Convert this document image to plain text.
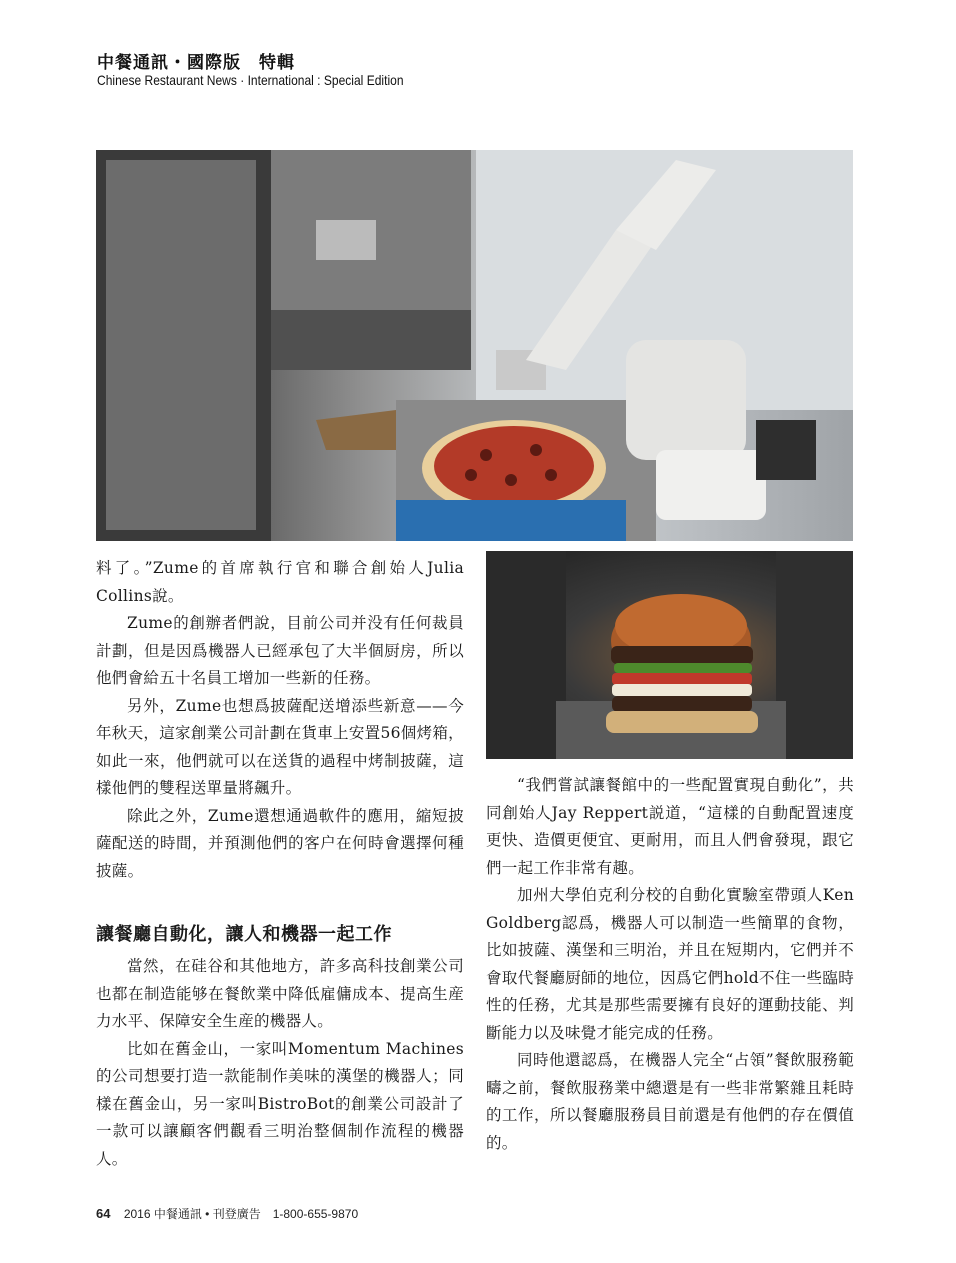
中餐通訊・國際版　特輯
Chinese Restaurant News · International : Special Edition

料了。”Zume的首席執行官和聯合創始人Julia Collins說。

Zume的創辦者們說，目前公司并没有任何裁員計劃，但是因爲機器人已經承包了大半個厨房，所以他們會給五十名員工增加一些新的任務。

另外，Zume也想爲披薩配送增添些新意——今年秋天，這家創業公司計劃在貨車上安置56個烤箱，如此一來，他們就可以在送貨的過程中烤制披薩，這樣他們的雙程送單量將飆升。

除此之外，Zume還想通過軟件的應用，縮短披薩配送的時間，并預測他們的客户在何時會選擇何種披薩。

讓餐廳自動化，讓人和機器一起工作

當然，在硅谷和其他地方，許多高科技創業公司也都在制造能够在餐飲業中降低雇傭成本、提高生産力水平、保障安全生産的機器人。

比如在舊金山，一家叫Momentum Machines的公司想要打造一款能制作美味的漢堡的機器人；同樣在舊金山，另一家叫BistroBot的創業公司設計了一款可以讓顧客們觀看三明治整個制作流程的機器人。

“我們嘗試讓餐館中的一些配置實現自動化”，共同創始人Jay Reppert説道，“這樣的自動配置速度更快、造價更便宜、更耐用，而且人們會發現，跟它們一起工作非常有趣。

加州大學伯克利分校的自動化實驗室帶頭人Ken Goldberg認爲，機器人可以制造一些簡單的食物，比如披薩、漢堡和三明治，并且在短期内，它們并不會取代餐廳厨師的地位，因爲它們hold不住一些臨時性的任務，尤其是那些需要擁有良好的運動技能、判斷能力以及味覺才能完成的任務。

同時他還認爲，在機器人完全“占領”餐飲服務範疇之前，餐飲服務業中總還是有一些非常繁雜且耗時的工作，所以餐廳服務員目前還是有他們的存在價值的。

64 2016 中餐通訊 • 刊登廣告　1-800-655-9870
